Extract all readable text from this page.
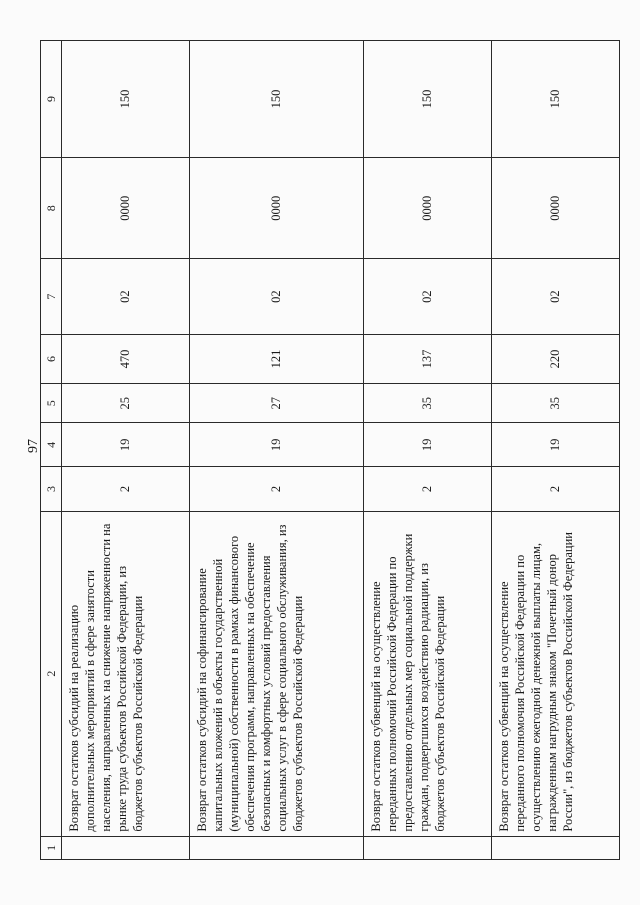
97
1	2	3	4	5	6	7	8	9
	Возврат остатков субсидий на реализацию дополнительных мероприятий в сфере занятости населения, направленных на снижение напряженности на рынке труда субъектов Российской Федерации, из бюджетов субъектов Российской Федерации	2	19	25	470	02	0000	150
	Возврат остатков субсидий на софинансирование капитальных вложений в объекты государственной (муниципальной) собственности в рамках финансового обеспечения программ, направленных на обеспечение безопасных и комфортных условий предоставления социальных услуг в сфере социального обслуживания, из бюджетов субъектов Российской Федерации	2	19	27	121	02	0000	150
	Возврат остатков субвенций на осуществление переданных полномочий Российской Федерации по предоставлению отдельных мер социальной поддержки граждан, подвергшихся воздействию радиации, из бюджетов субъектов Российской Федерации	2	19	35	137	02	0000	150
	Возврат остатков субвенций на осуществление переданного полномочия Российской Федерации по осуществлению ежегодной денежной выплаты лицам, награжденным нагрудным знаком "Почетный донор России", из бюджетов субъектов Российской Федерации	2	19	35	220	02	0000	150
